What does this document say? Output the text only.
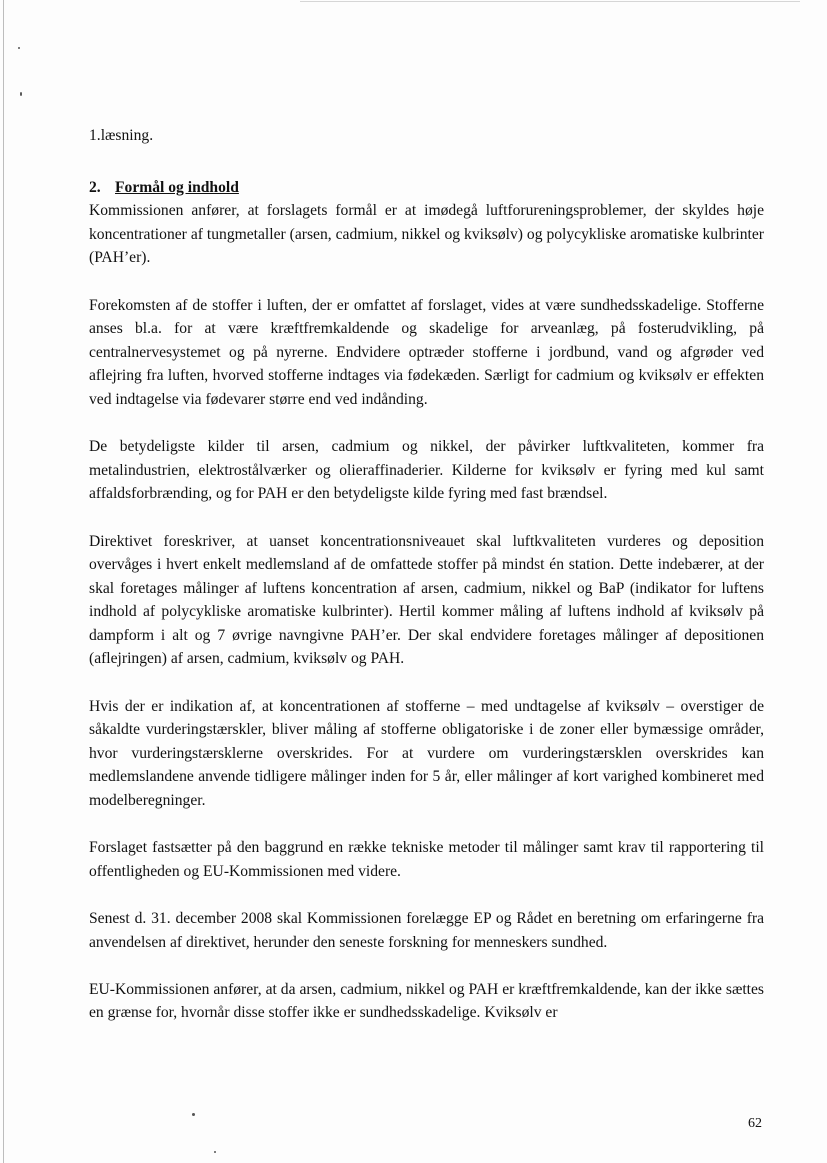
1.læsning.

2. Formål og indhold

Kommissionen anfører, at forslagets formål er at imødegå luftforureningsproblemer, der skyldes høje koncentrationer af tungmetaller (arsen, cadmium, nikkel og kviksølv) og polycykliske aromatiske kulbrinter (PAH’er).

Forekomsten af de stoffer i luften, der er omfattet af forslaget, vides at være sundhedsskadelige. Stofferne anses bl.a. for at være kræftfremkaldende og skadelige for arveanlæg, på fosterudvikling, på centralnervesystemet og på nyrerne. Endvidere optræder stofferne i jordbund, vand og afgrøder ved aflejring fra luften, hvorved stofferne indtages via fødekæden. Særligt for cadmium og kviksølv er effekten ved indtagelse via fødevarer større end ved indånding.

De betydeligste kilder til arsen, cadmium og nikkel, der påvirker luftkvaliteten, kommer fra metalindustrien, elektrostålværker og olieraffinaderier. Kilderne for kviksølv er fyring med kul samt affaldsforbrænding, og for PAH er den betydeligste kilde fyring med fast brændsel.

Direktivet foreskriver, at uanset koncentrationsniveauet skal luftkvaliteten vurderes og deposition overvåges i hvert enkelt medlemsland af de omfattede stoffer på mindst én station. Dette indebærer, at der skal foretages målinger af luftens koncentration af arsen, cadmium, nikkel og BaP (indikator for luftens indhold af polycykliske aromatiske kulbrinter). Hertil kommer måling af luftens indhold af kviksølv på dampform i alt og 7 øvrige navngivne PAH’er. Der skal endvidere foretages målinger af depositionen (aflejringen) af arsen, cadmium, kviksølv og PAH.

Hvis der er indikation af, at koncentrationen af stofferne – med undtagelse af kviksølv – overstiger de såkaldte vurderingstærskler, bliver måling af stofferne obligatoriske i de zoner eller bymæssige områder, hvor vurderingstærsklerne overskrides. For at vurdere om vurderingstærsklen overskrides kan medlemslandene anvende tidligere målinger inden for 5 år, eller målinger af kort varighed kombineret med modelberegninger.

Forslaget fastsætter på den baggrund en række tekniske metoder til målinger samt krav til rapportering til offentligheden og EU-Kommissionen med videre.

Senest d. 31. december 2008 skal Kommissionen forelægge EP og Rådet en beretning om erfaringerne fra anvendelsen af direktivet, herunder den seneste forskning for menneskers sundhed.

EU-Kommissionen anfører, at da arsen, cadmium, nikkel og PAH er kræftfremkaldende, kan der ikke sættes en grænse for, hvornår disse stoffer ikke er sundhedsskadelige. Kviksølv er

62
